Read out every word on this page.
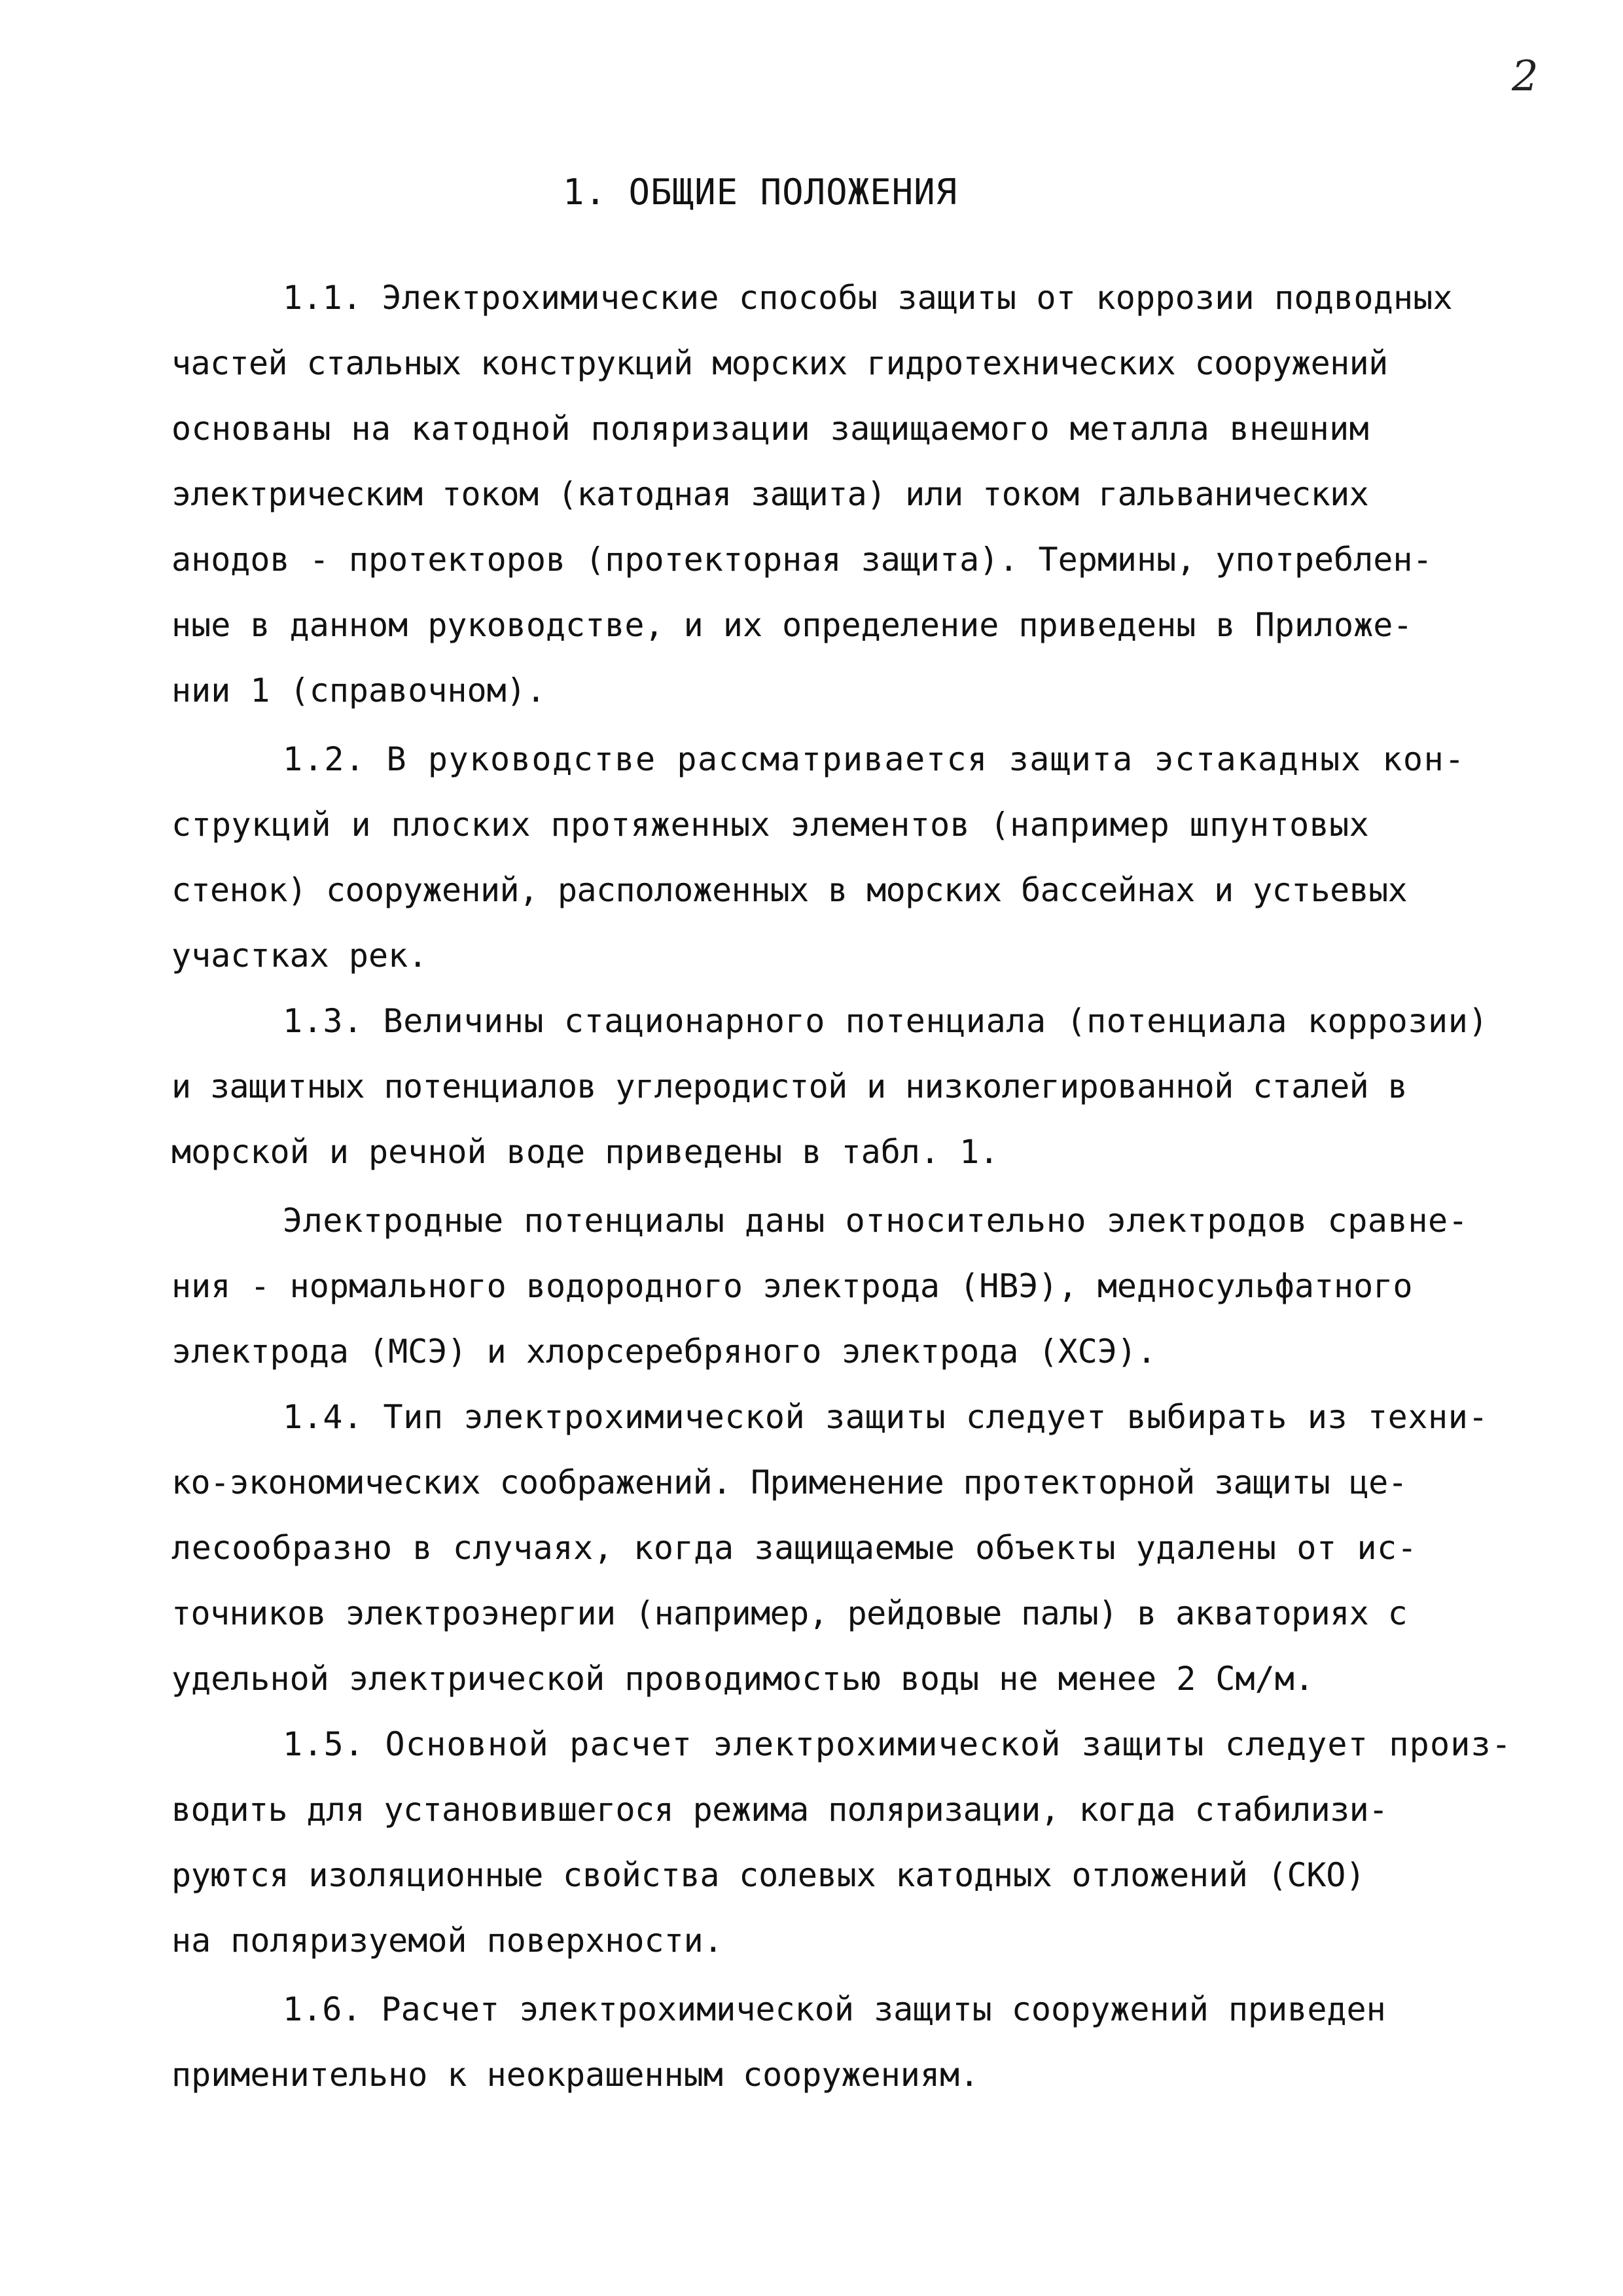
2
1. ОБЩИЕ ПОЛОЖЕНИЯ
1.1. Электрохимические способы защиты от коррозии подводных
частей стальных конструкций морских гидротехнических сооружений
основаны на катодной поляризации защищаемого металла внешним
электрическим током (катодная защита) или током гальванических
анодов - протекторов (протекторная защита). Термины, употреблен-
ные в данном руководстве, и их определение приведены в Приложе-
нии 1 (справочном).
1.2. В руководстве рассматривается защита эстакадных кон-
струкций и плоских протяженных элементов (например шпунтовых
стенок) сооружений, расположенных в морских бассейнах и устьевых
участках рек.
1.3. Величины стационарного потенциала (потенциала коррозии)
и защитных потенциалов углеродистой и низколегированной сталей в
морской и речной воде приведены в табл. 1.
Электродные потенциалы даны относительно электродов сравне-
ния - нормального водородного электрода (НВЭ), медносульфатного
электрода (МСЭ) и хлорсеребряного электрода (ХСЭ).
1.4. Тип электрохимической защиты следует выбирать из техни-
ко-экономических соображений. Применение протекторной защиты це-
лесообразно в случаях, когда защищаемые объекты удалены от ис-
точников электроэнергии (например, рейдовые палы) в акваториях с
удельной электрической проводимостью воды не менее 2 См/м.
1.5. Основной расчет электрохимической защиты следует произ-
водить для установившегося режима поляризации, когда стабилизи-
руются изоляционные свойства солевых катодных отложений (СКО)
на поляризуемой поверхности.
1.6. Расчет электрохимической защиты сооружений приведен
применительно к неокрашенным сооружениям.
